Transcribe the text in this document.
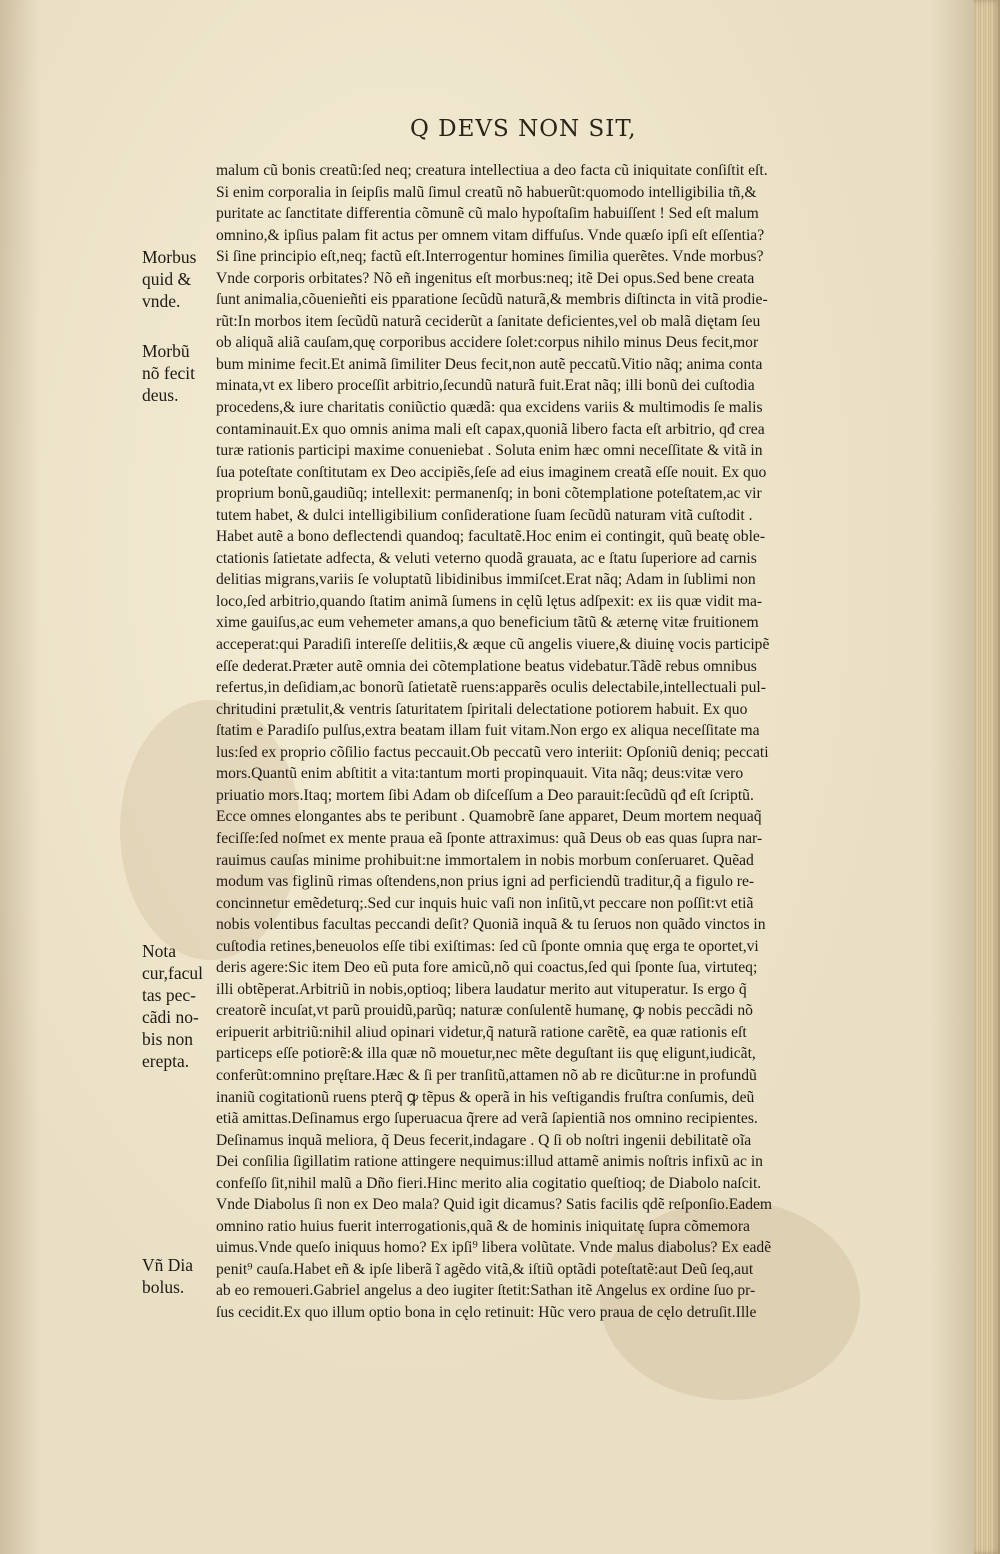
Q DEVS NON SIT,
malum cũ bonis creatũ:ſed neq; creatura intellectiua a deo facta cũ iniquitate conſiſtit eſt.
Si enim corporalia in ſeipſis malũ ſimul creatũ nõ habuerũt:quomodo intelligibilia tñ,&
puritate ac ſanctitate differentia cõmunẽ cũ malo hypoſtaſim habuiſſent ! Sed eſt malum
omnino,& ipſius palam fit actus per omnem vitam diffuſus. Vnde quæſo ipſi eſt eſſentia?
Si ſine principio eſt,neq; factũ eſt.Interrogentur homines ſimilia querẽtes. Vnde morbus?
Vnde corporis orbitates? Nõ eñ ingenitus eſt morbus:neq; itẽ Dei opus.Sed bene creata
ſunt animalia,cõuenieñti eis pparatione ſecũdũ naturã,& membris diſtincta in vitã prodie-
rũt:In morbos item ſecũdũ naturã ceciderũt a ſanitate deficientes,vel ob malã diętam ſeu
ob aliquã aliã cauſam,quę corporibus accidere ſolet:corpus nihilo minus Deus fecit,mor
bum minime fecit.Et animã ſimiliter Deus fecit,non autẽ peccatũ.Vitio nãq; anima conta
minata,vt ex libero proceſſit arbitrio,ſecundũ naturã fuit.Erat nãq; illi bonũ dei cuſtodia
procedens,& iure charitatis coniũctio quædã: qua excidens variis & multimodis ſe malis
contaminauit.Ex quo omnis anima mali eſt capax,quoniã libero facta eſt arbitrio, qđ crea
turæ rationis participi maxime conueniebat . Soluta enim hæc omni neceſſitate & vitã in
ſua poteſtate conſtitutam ex Deo accipiẽs,ſeſe ad eius imaginem creatã eſſe nouit. Ex quo
proprium bonũ,gaudiũq; intellexit: permanenſq; in boni cõtemplatione poteſtatem,ac vir
tutem habet, & dulci intelligibilium conſideratione ſuam ſecũdũ naturam vitã cuſtodit .
Habet autẽ a bono deflectendi quandoq; facultatẽ.Hoc enim ei contingit, quũ beatę oble-
ctationis ſatietate adfecta, & veluti veterno quodã grauata, ac e ſtatu ſuperiore ad carnis
delitias migrans,variis ſe voluptatũ libidinibus immiſcet.Erat nãq; Adam in ſublimi non
loco,ſed arbitrio,quando ſtatim animã ſumens in cęlũ lętus adſpexit: ex iis quæ vidit ma-
xime gauiſus,ac eum vehemeter amans,a quo beneficium tãtũ & æternę vitæ fruitionem
acceperat:qui Paradiſi intereſſe delitiis,& æque cũ angelis viuere,& diuinę vocis participẽ
eſſe dederat.Præter autẽ omnia dei cõtemplatione beatus videbatur.Tãdẽ rebus omnibus
refertus,in deſidiam,ac bonorũ ſatietatẽ ruens:apparẽs oculis delectabile,intellectuali pul-
chritudini prætulit,& ventris ſaturitatem ſpiritali delectatione potiorem habuit. Ex quo
ſtatim e Paradiſo pulſus,extra beatam illam fuit vitam.Non ergo ex aliqua neceſſitate ma
lus:ſed ex proprio cõſilio factus peccauit.Ob peccatũ vero interiit: Opſoniũ deniq; peccati
mors.Quantũ enim abſtitit a vita:tantum morti propinquauit. Vita nãq; deus:vitæ vero
priuatio mors.Itaq; mortem ſibi Adam ob diſceſſum a Deo parauit:ſecũdũ qđ eſt ſcriptũ.
Ecce omnes elongantes abs te peribunt . Quamobrẽ ſane apparet, Deum mortem nequaq̃
feciſſe:ſed noſmet ex mente praua eã ſponte attraximus: quã Deus ob eas quas ſupra nar-
rauimus cauſas minime prohibuit:ne immortalem in nobis morbum conſeruaret. Quẽad
modum vas figlinũ rimas oſtendens,non prius igni ad perficiendũ traditur,q̃ a figulo re-
concinnetur emẽdeturq;.Sed cur inquis huic vaſi non inſitũ,vt peccare non poſſit:vt etiã
nobis volentibus facultas peccandi deſit? Quoniã inquã & tu ſeruos non quãdo vinctos in
cuſtodia retines,beneuolos eſſe tibi exiſtimas: ſed cũ ſponte omnia quę erga te oportet,vi
deris agere:Sic item Deo eũ puta fore amicũ,nõ qui coactus,ſed qui ſponte ſua, virtuteq;
illi obtẽperat.Arbitriũ in nobis,optioq; libera laudatur merito aut vituperatur. Is ergo q̃
creatorẽ incuſat,vt parũ prouidũ,parũq; naturæ conſulentẽ humanę, ꝙ nobis peccãdi nõ
eripuerit arbitriũ:nihil aliud opinari videtur,q̃ naturã ratione carẽtẽ, ea quæ rationis eſt
particeps eſſe potiorẽ:& illa quæ nõ mouetur,nec mẽte deguſtant iis quę eligunt,iudicãt,
conferũt:omnino pręſtare.Hæc & ſi per tranſitũ,attamen nõ ab re dicũtur:ne in profundũ
inaniũ cogitationũ ruens pterq̃ ꝙ tẽpus & operã in his veſtigandis fruſtra conſumis, deũ
etiã amittas.Deſinamus ergo ſuperuacua q̃rere ad verã ſapientiã nos omnino recipientes.
Deſinamus inquã meliora, q̃ Deus fecerit,indagare . Q ſi ob noſtri ingenii debilitatẽ oĩa
Dei conſilia ſigillatim ratione attingere nequimus:illud attamẽ animis noſtris infixũ ac in
confeſſo ſit,nihil malũ a Dño fieri.Hinc merito alia cogitatio queſtioq; de Diabolo naſcit.
Vnde Diabolus ſi non ex Deo mala? Quid igit dicamus? Satis facilis qdẽ reſponſio.Eadem
omnino ratio huius fuerit interrogationis,quã & de hominis iniquitatę ſupra cõmemora
uimus.Vnde queſo iniquus homo? Ex ipſi⁹ libera volũtate. Vnde malus diabolus? Ex eadẽ
penit⁹ cauſa.Habet eñ & ipſe liberã ĩ agẽdo vitã,& iſtiũ optãdi poteſtatẽ:aut Deũ ſeq,aut
ab eo remoueri.Gabriel angelus a deo iugiter ſtetit:Sathan itẽ Angelus ex ordine ſuo pr-
ſus cecidit.Ex quo illum optio bona in cęlo retinuit: Hũc vero praua de cęlo detruſit.Ille
Morbus
quid &
vnde.
Morbũ
nõ fecit
deus.
Nota
cur,facul
tas pec-
cãdi no-
bis non
erepta.
Vñ Dia
bolus.
